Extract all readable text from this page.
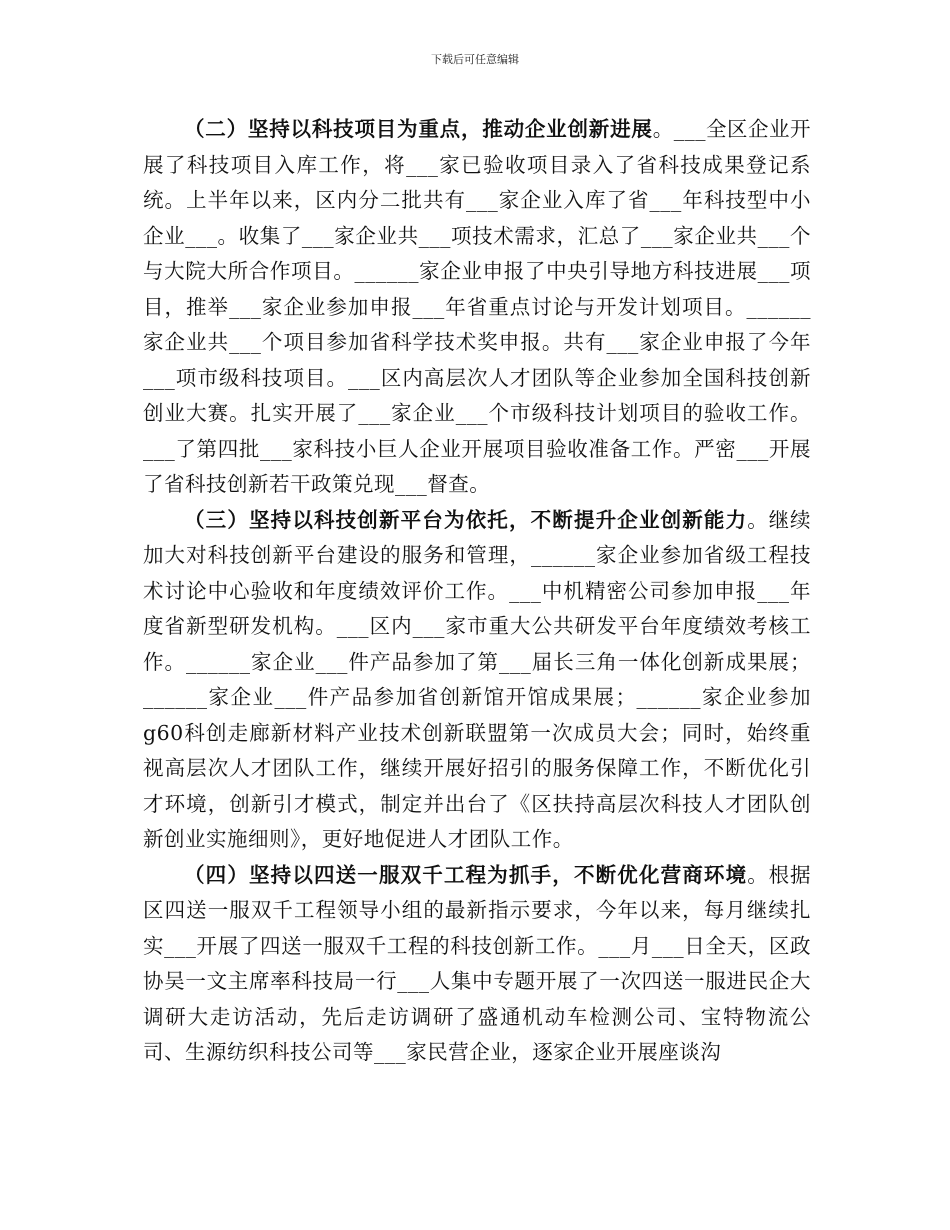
下载后可任意编辑

（二）坚持以科技项目为重点，推动企业创新进展。___全区企业开展了科技项目入库工作，将___家已验收项目录入了省科技成果登记系统。上半年以来，区内分二批共有___家企业入库了省___年科技型中小企业___。收集了___家企业共___项技术需求，汇总了___家企业共___个与大院大所合作项目。______家企业申报了中央引导地方科技进展___项目，推举___家企业参加申报___年省重点讨论与开发计划项目。______家企业共___个项目参加省科学技术奖申报。共有___家企业申报了今年___项市级科技项目。___区内高层次人才团队等企业参加全国科技创新创业大赛。扎实开展了___家企业___个市级科技计划项目的验收工作。___了第四批___家科技小巨人企业开展项目验收准备工作。严密___开展了省科技创新若干政策兑现___督查。

（三）坚持以科技创新平台为依托，不断提升企业创新能力。继续加大对科技创新平台建设的服务和管理，______家企业参加省级工程技术讨论中心验收和年度绩效评价工作。___中机精密公司参加申报___年度省新型研发机构。___区内___家市重大公共研发平台年度绩效考核工作。______家企业___件产品参加了第___届长三角一体化创新成果展；______家企业___件产品参加省创新馆开馆成果展；______家企业参加g60科创走廊新材料产业技术创新联盟第一次成员大会；同时，始终重视高层次人才团队工作，继续开展好招引的服务保障工作，不断优化引才环境，创新引才模式，制定并出台了《区扶持高层次科技人才团队创新创业实施细则》，更好地促进人才团队工作。

（四）坚持以四送一服双千工程为抓手，不断优化营商环境。根据区四送一服双千工程领导小组的最新指示要求，今年以来，每月继续扎实___开展了四送一服双千工程的科技创新工作。___月___日全天，区政协吴一文主席率科技局一行___人集中专题开展了一次四送一服进民企大调研大走访活动，先后走访调研了盛通机动车检测公司、宝特物流公司、生源纺织科技公司等___家民营企业，逐家企业开展座谈沟
